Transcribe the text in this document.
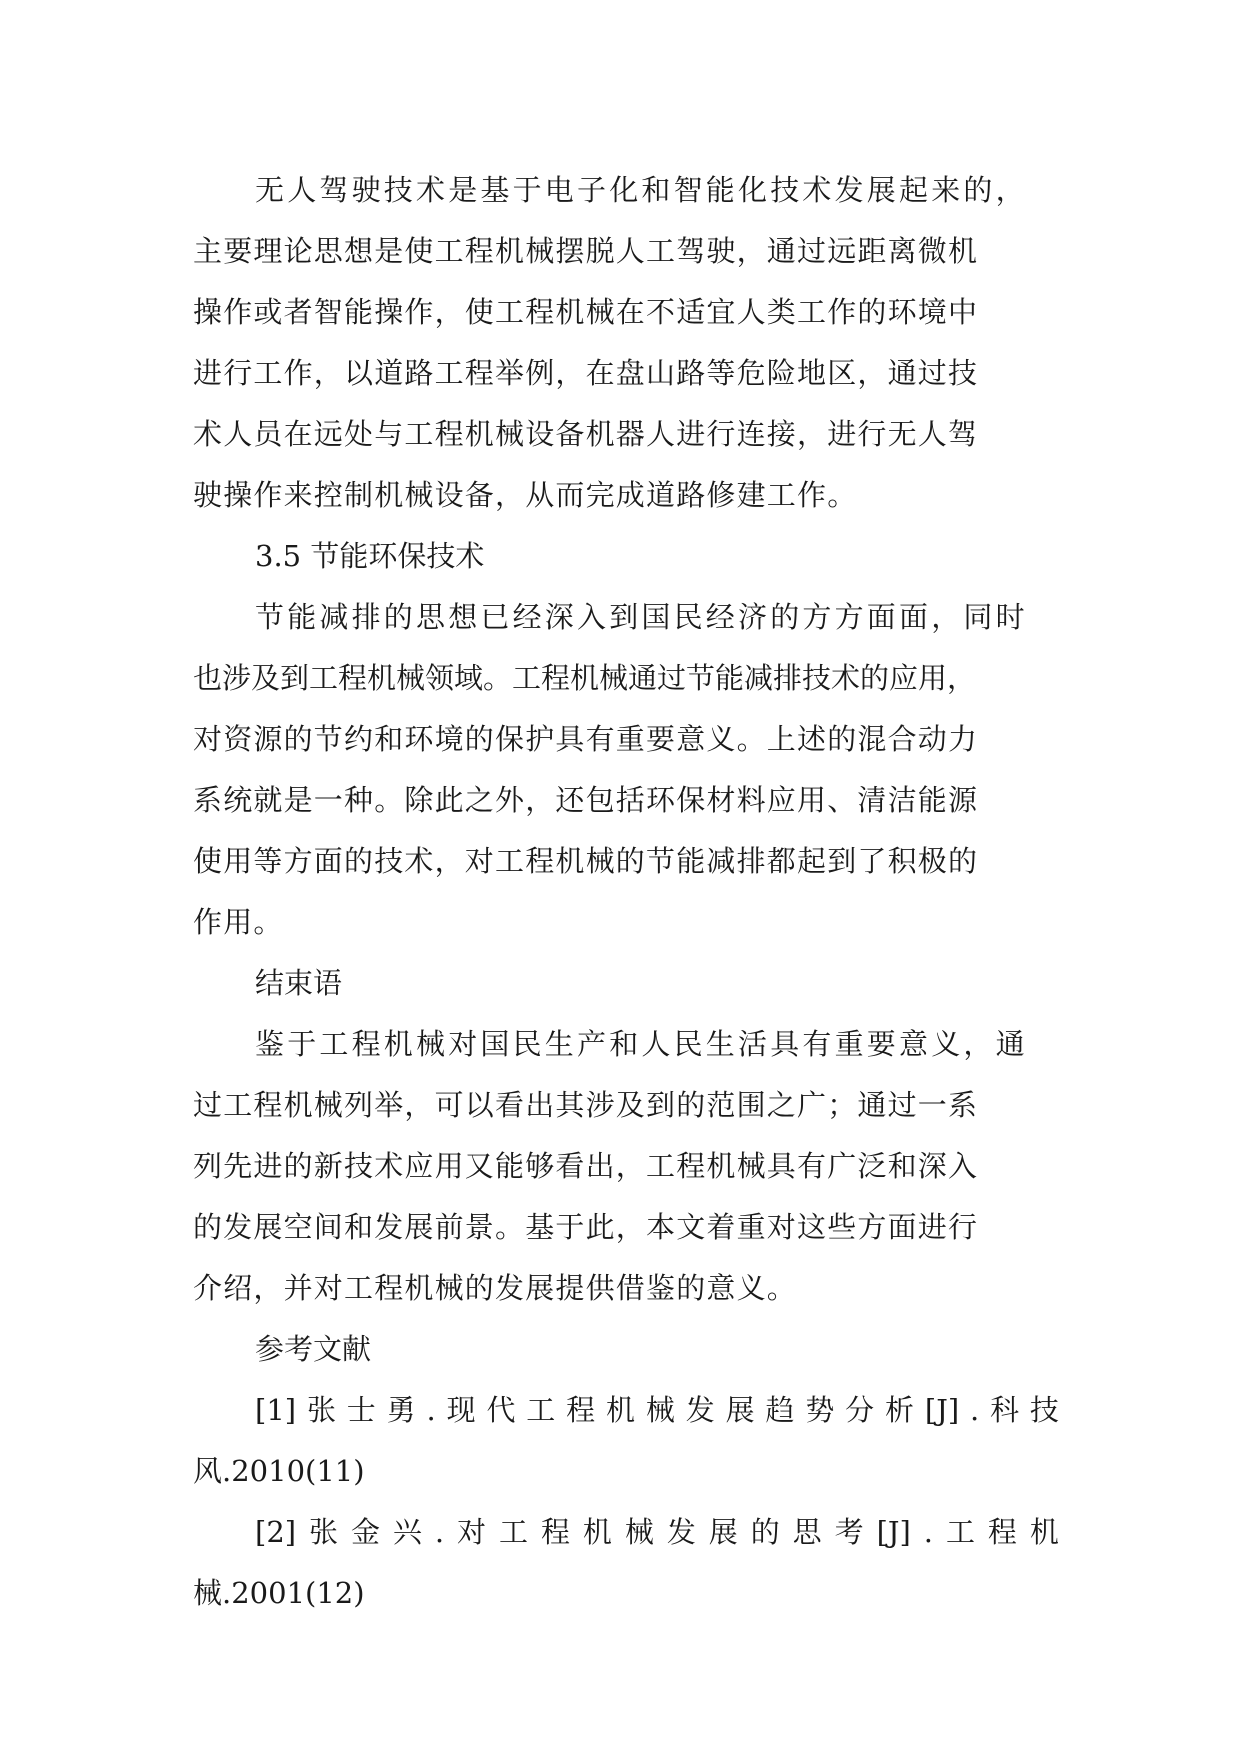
无人驾驶技术是基于电子化和智能化技术发展起来的，
主要理论思想是使工程机械摆脱人工驾驶，通过远距离微机
操作或者智能操作，使工程机械在不适宜人类工作的环境中
进行工作，以道路工程举例，在盘山路等危险地区，通过技
术人员在远处与工程机械设备机器人进行连接，进行无人驾
驶操作来控制机械设备，从而完成道路修建工作。
3.5 节能环保技术
节能减排的思想已经深入到国民经济的方方面面，同时
也涉及到工程机械领域。工程机械通过节能减排技术的应用，
对资源的节约和环境的保护具有重要意义。上述的混合动力
系统就是一种。除此之外，还包括环保材料应用、清洁能源
使用等方面的技术，对工程机械的节能减排都起到了积极的
作用。
结束语
鉴于工程机械对国民生产和人民生活具有重要意义，通
过工程机械列举，可以看出其涉及到的范围之广；通过一系
列先进的新技术应用又能够看出，工程机械具有广泛和深入
的发展空间和发展前景。基于此，本文着重对这些方面进行
介绍，并对工程机械的发展提供借鉴的意义。
参考文献
[1] 张 士 勇 . 现 代 工 程 机 械 发 展 趋 势 分 析 [J] . 科 技
风.2010(11)
[2] 张 金 兴 . 对 工 程 机 械 发 展 的 思 考 [J] . 工 程 机
械.2001(12)
